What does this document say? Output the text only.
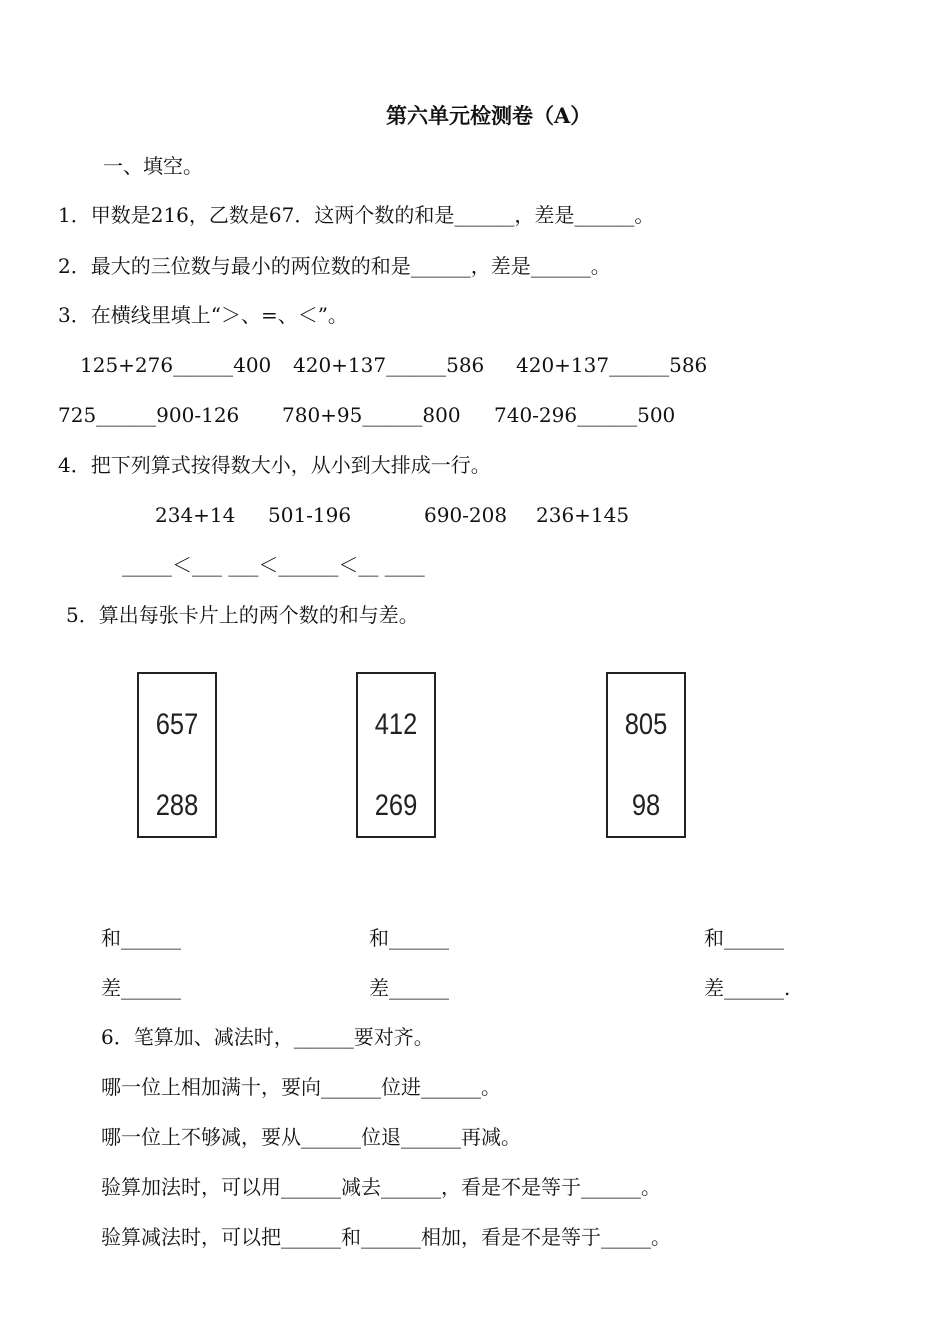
第六单元检测卷（A）
一、填空。
1．甲数是216，乙数是67．这两个数的和是______，差是______。
2．最大的三位数与最小的两位数的和是______，差是______。
3．在横线里填上“＞、=、＜”。
125+276______400 420+137______586 420+137______586
725______900-126 780+95______800 740-296______500
4．把下列算式按得数大小，从小到大排成一行。
234+14 501-196	690-208 236+145
_____＜___ ___＜______＜__ ____
5．算出每张卡片上的两个数的和与差。
657
288
412
269
805
98
和______	和______	和______
差______	差______	差______.
6．笔算加、减法时，______要对齐。
哪一位上相加满十，要向______位进______。
哪一位上不够减，要从______位退______再减。
验算加法时，可以用______减去______，看是不是等于______。
验算减法时，可以把______和______相加，看是不是等于_____。
